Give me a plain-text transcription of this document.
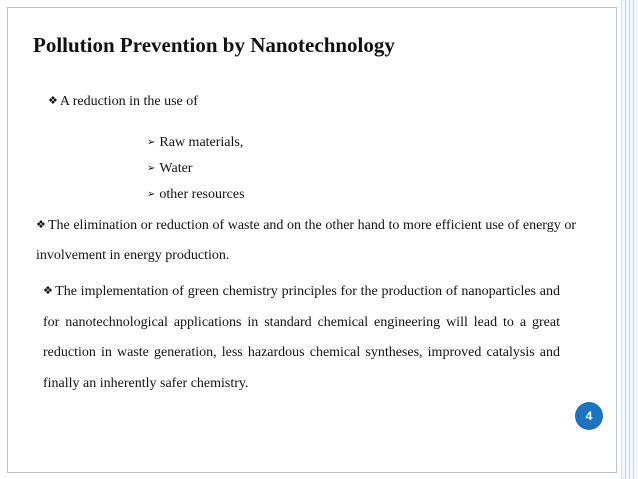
Pollution Prevention by Nanotechnology
❖ A reduction in the use of
➢ Raw materials,
➢ Water
➢ other resources
❖ The elimination or reduction of waste and on the other hand to more efficient use of energy or involvement in energy production.
❖ The implementation of green chemistry principles for the production of nanoparticles and for nanotechnological applications in standard chemical engineering will lead to a great reduction in waste generation, less hazardous chemical syntheses, improved catalysis and finally an inherently safer chemistry.
4
